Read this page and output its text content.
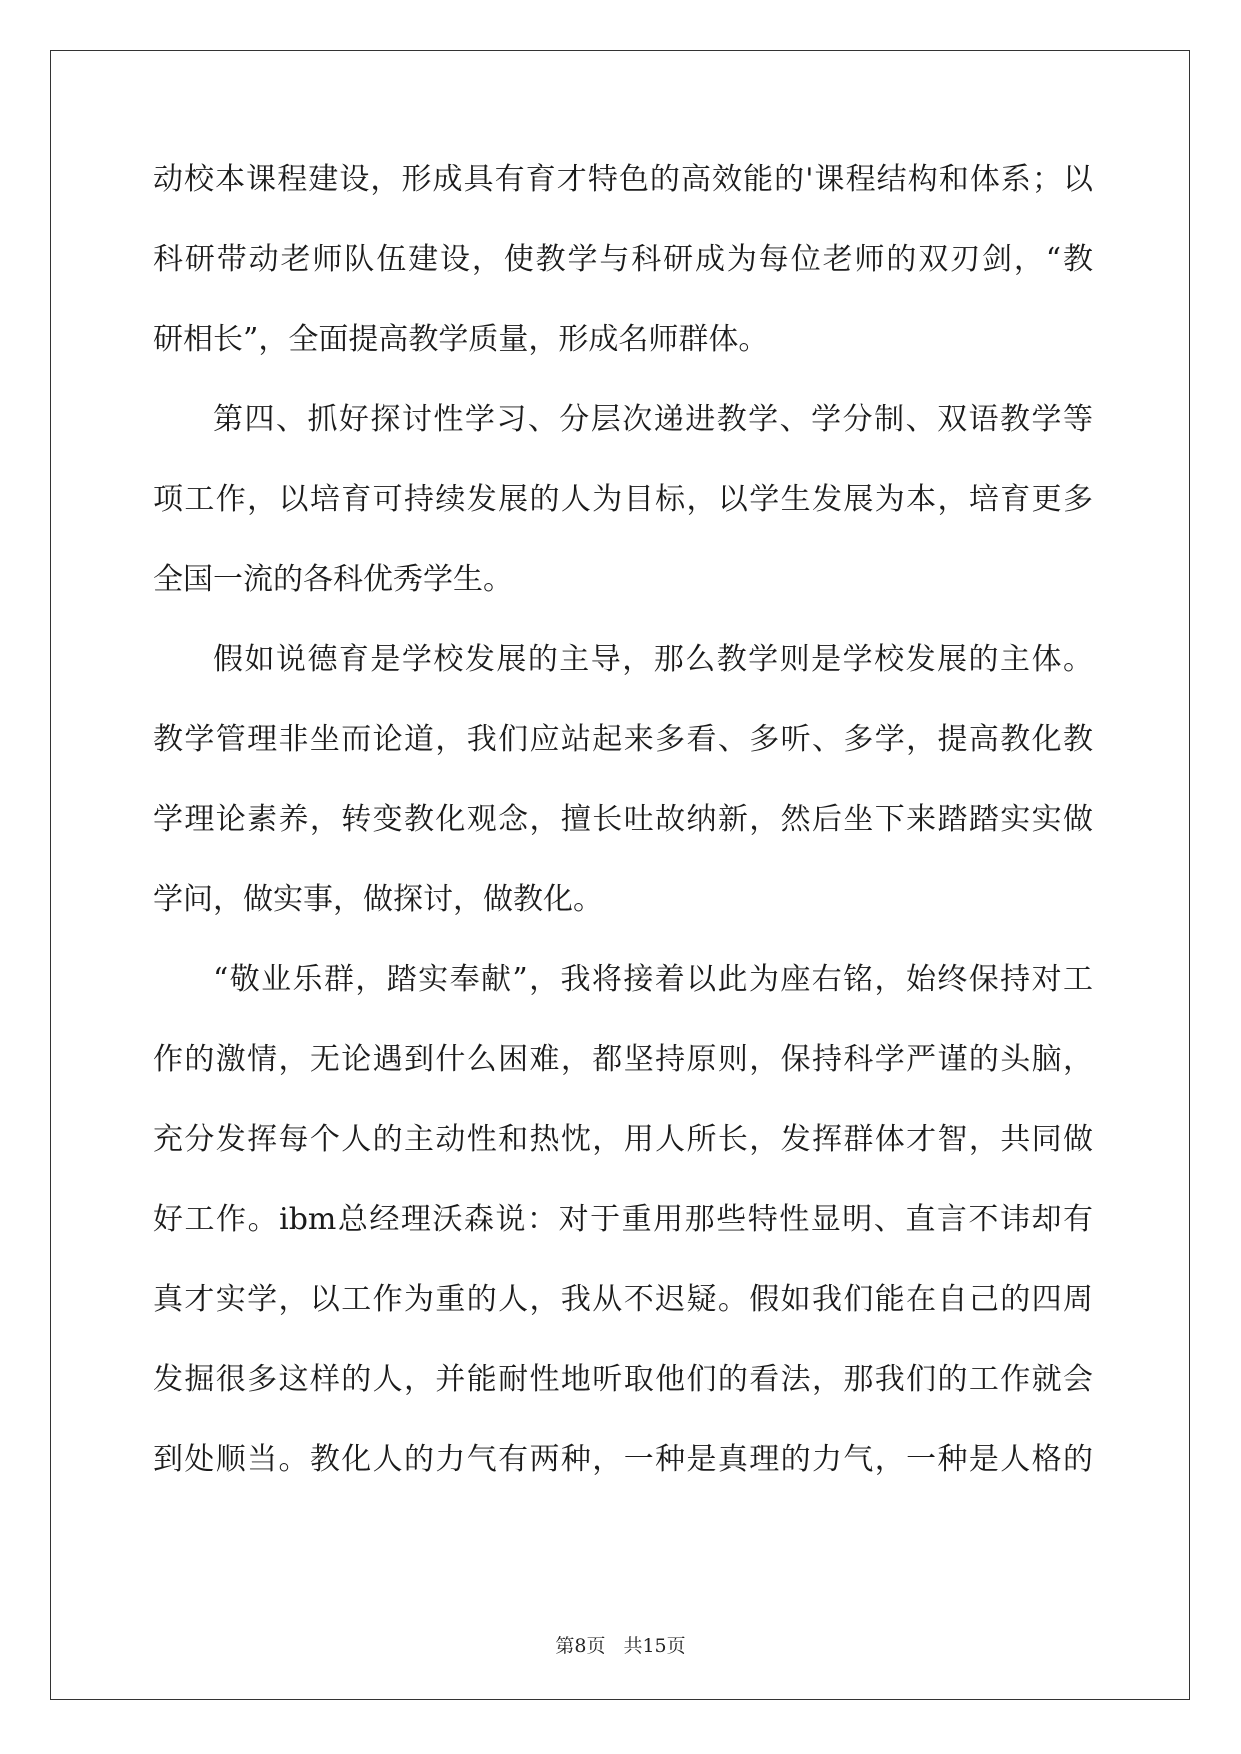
动校本课程建设，形成具有育才特色的高效能的'课程结构和体系；以
科研带动老师队伍建设，使教学与科研成为每位老师的双刃剑，“教
研相长”，全面提高教学质量，形成名师群体。
第四、抓好探讨性学习、分层次递进教学、学分制、双语教学等
项工作，以培育可持续发展的人为目标，以学生发展为本，培育更多
全国一流的各科优秀学生。
假如说德育是学校发展的主导，那么教学则是学校发展的主体。
教学管理非坐而论道，我们应站起来多看、多听、多学，提高教化教
学理论素养，转变教化观念，擅长吐故纳新，然后坐下来踏踏实实做
学问，做实事，做探讨，做教化。
“敬业乐群，踏实奉献”，我将接着以此为座右铭，始终保持对工
作的激情，无论遇到什么困难，都坚持原则，保持科学严谨的头脑，
充分发挥每个人的主动性和热忱，用人所长，发挥群体才智，共同做
好工作。ibm总经理沃森说：对于重用那些特性显明、直言不讳却有
真才实学，以工作为重的人，我从不迟疑。假如我们能在自己的四周
发掘很多这样的人，并能耐性地听取他们的看法，那我们的工作就会
到处顺当。教化人的力气有两种，一种是真理的力气，一种是人格的
第8页 共15页
